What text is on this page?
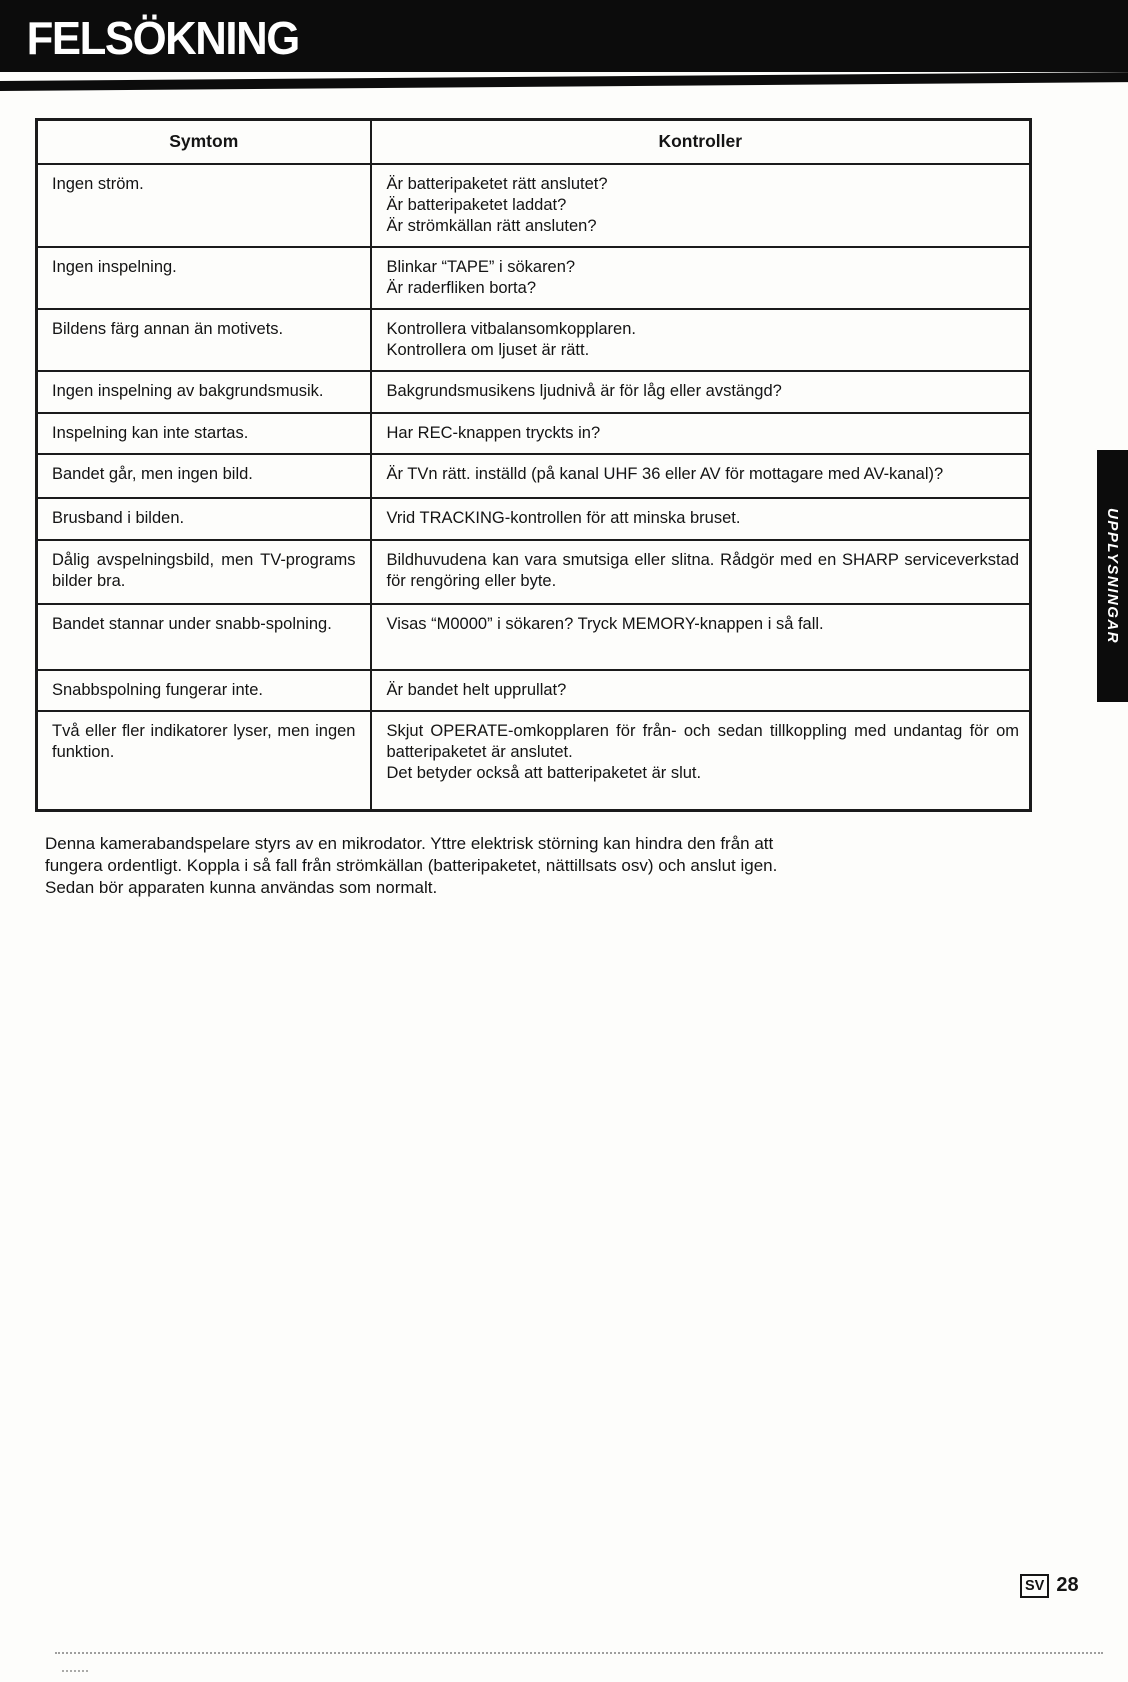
FELSÖKNING
Symtom	Kontroller
Ingen ström.	Är batteripaketet rätt anslutet?
Är batteripaketet laddat?
Är strömkällan rätt ansluten?

Ingen inspelning.	Blinkar “TAPE” i sökaren?
Är raderfliken borta?

Bildens färg annan än motivets.	Kontrollera vitbalansomkopplaren.
Kontrollera om ljuset är rätt.

Ingen inspelning av bakgrundsmusik.	Bakgrundsmusikens ljudnivå är för låg eller avstängd?

Inspelning kan inte startas.	Har REC-knappen tryckts in?

Bandet går, men ingen bild.	Är TVn rätt. inställd (på kanal UHF 36 eller AV för mottagare med AV-kanal)?

Brusband i bilden.	Vrid TRACKING-kontrollen för att minska bruset.

Dålig avspelningsbild, men TV-programs bilder bra.	Bildhuvudena kan vara smutsiga eller slitna. Rådgör med en SHARP serviceverkstad för rengöring eller byte.

Bandet stannar under snabb-spolning.	Visas “M0000” i sökaren? Tryck MEMORY-knappen i så fall.

Snabbspolning fungerar inte.	Är bandet helt upprullat?

Två eller fler indikatorer lyser, men ingen funktion.	Skjut OPERATE-omkopplaren för från- och sedan tillkoppling med undantag för om batteripaketet är anslutet.
Det betyder också att batteripaketet är slut.

Denna kamerabandspelare styrs av en mikrodator. Yttre elektrisk störning kan hindra den från att fungera ordentligt. Koppla i så fall från strömkällan (batteripaketet, nättillsats osv) och anslut igen. Sedan bör apparaten kunna användas som normalt.

UPPLYSNINGAR
SV 28
